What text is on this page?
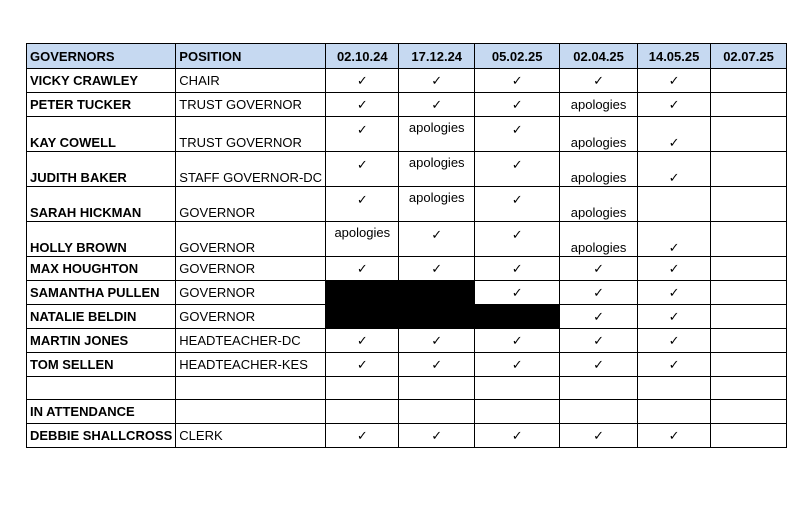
GOVERNORS	POSITION	02.10.24	17.12.24	05.02.25	02.04.25	14.05.25	02.07.25
VICKY CRAWLEY	CHAIR	✓	✓	✓	✓	✓	
PETER TUCKER	TRUST GOVERNOR	✓	✓	✓	apologies	✓	
KAY COWELL	TRUST GOVERNOR	✓	apologies	✓	apologies	✓	
JUDITH BAKER	STAFF GOVERNOR-DC	✓	apologies	✓	apologies	✓	
SARAH HICKMAN	GOVERNOR	✓	apologies	✓	apologies		
HOLLY BROWN	GOVERNOR	apologies	✓	✓	apologies	✓	
MAX HOUGHTON	GOVERNOR	✓	✓	✓	✓	✓	
SAMANTHA PULLEN	GOVERNOR			✓	✓	✓	
NATALIE BELDIN	GOVERNOR				✓	✓	
MARTIN JONES	HEADTEACHER-DC	✓	✓	✓	✓	✓	
TOM SELLEN	HEADTEACHER-KES	✓	✓	✓	✓	✓	

IN ATTENDANCE							
DEBBIE SHALLCROSS	CLERK	✓	✓	✓	✓	✓	
